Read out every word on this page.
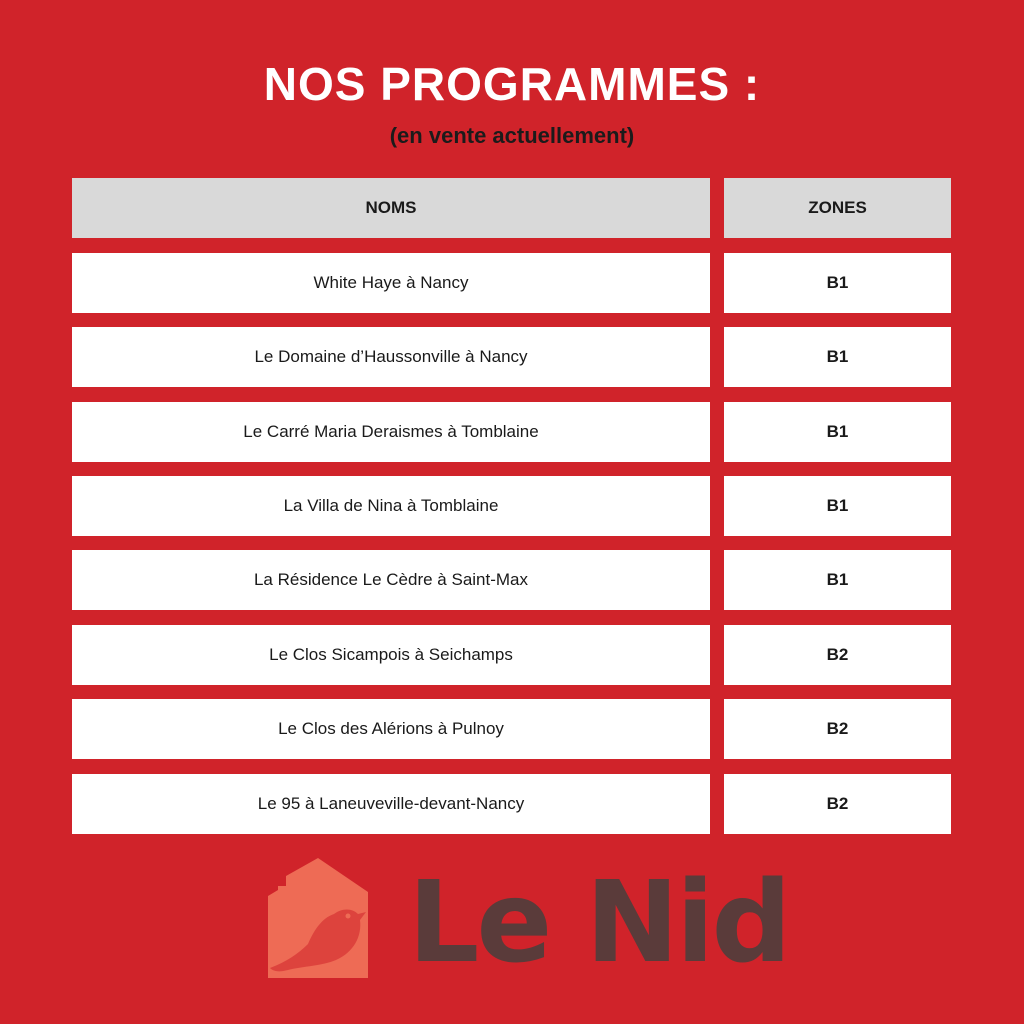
NOS PROGRAMMES :
(en vente actuellement)
NOMS	ZONES
White Haye à Nancy	B1
Le Domaine d’Haussonville à Nancy	B1
Le Carré Maria Deraismes à Tomblaine	B1
La Villa de Nina à Tomblaine	B1
La Résidence Le Cèdre à Saint-Max	B1
Le Clos Sicampois à Seichamps	B2
Le Clos des Alérions à Pulnoy	B2
Le 95 à Laneuveville-devant-Nancy	B2
Le Nid
